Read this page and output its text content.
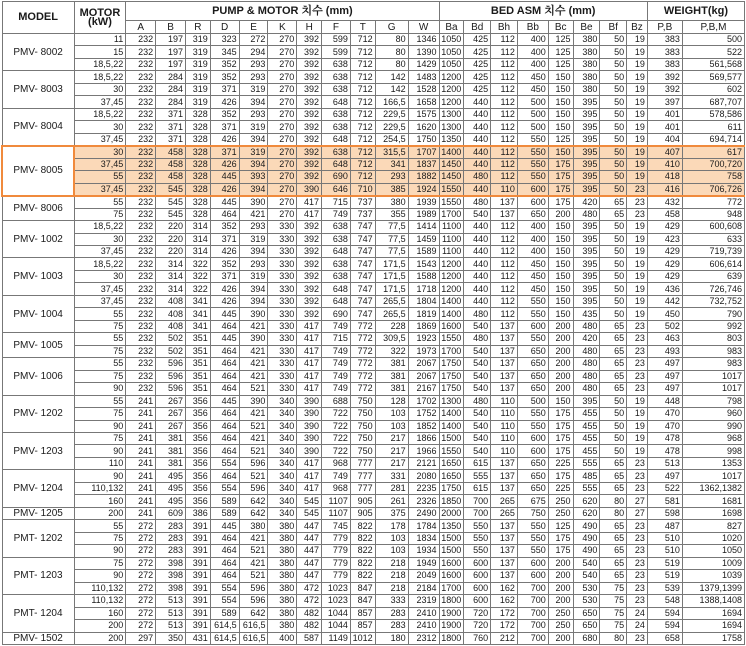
MODEL	MOTOR
(kW)	PUMP & MOTOR 치수 (mm)											BED ASM 치수 (mm)								WEIGHT(kg)	
		A	B	R	D	E	K	H	F	T	G	W	Ba	Bd	Bh	Bb	Bc	Be	Bf	Bz	P,B	P,B,M
PMV- 8002	11	232	197	319	323	272	270	392	599	712	80	1346	1050	425	112	400	125	380	50	19	383	500
	15	232	197	319	345	294	270	392	599	712	80	1390	1050	425	112	400	125	380	50	19	383	522
	18,5,22	232	197	319	352	293	270	392	638	712	80	1429	1050	425	112	400	125	380	50	19	383	561,568
PMV- 8003	18,5,22	232	284	319	352	293	270	392	638	712	142	1483	1200	425	112	450	150	380	50	19	392	569,577
	30	232	284	319	371	319	270	392	638	712	142	1528	1200	425	112	450	150	380	50	19	392	602
	37,45	232	284	319	426	394	270	392	648	712	166,5	1658	1200	440	112	500	150	395	50	19	397	687,707
PMV- 8004	18,5,22	232	371	328	352	293	270	392	638	712	229,5	1575	1300	440	112	500	150	395	50	19	401	578,586
	30	232	371	328	371	319	270	392	638	712	229,5	1620	1300	440	112	500	150	395	50	19	401	611
	37,45	232	371	328	426	394	270	392	648	712	254,5	1750	1350	440	112	550	125	395	50	19	404	694,714
PMV- 8005	30	232	458	328	371	319	270	392	638	712	315,5	1707	1400	440	112	550	150	395	50	19	407	617
	37,45	232	458	328	426	394	270	392	648	712	341	1837	1450	440	112	550	175	395	50	19	410	700,720
	55	232	458	328	445	393	270	392	690	712	293	1882	1450	480	112	550	175	395	50	19	418	758
	37,45	232	545	328	426	394	270	390	646	710	385	1924	1550	440	110	600	175	395	50	23	416	706,726
PMV- 8006	55	232	545	328	445	390	270	417	715	737	380	1939	1550	480	137	600	175	420	65	23	432	772
	75	232	545	328	464	421	270	417	749	737	355	1989	1700	540	137	650	200	480	65	23	458	948
PMV- 1002	18,5,22	232	220	314	352	293	330	392	638	747	77,5	1414	1100	440	112	400	150	395	50	19	429	600,608
	30	232	220	314	371	319	330	392	638	747	77,5	1459	1100	440	112	400	150	395	50	19	423	633
	37,45	232	220	314	426	394	330	392	648	747	77,5	1589	1100	440	112	400	150	395	50	19	429	719,739
PMV- 1003	18,5,22	232	314	322	352	293	330	392	638	747	171,5	1543	1200	440	112	450	150	395	50	19	429	606,614
	30	232	314	322	371	319	330	392	638	747	171,5	1588	1200	440	112	450	150	395	50	19	429	639
	37,45	232	314	322	426	394	330	392	648	747	171,5	1718	1200	440	112	450	150	395	50	19	436	726,746
PMV- 1004	37,45	232	408	341	426	394	330	392	648	747	265,5	1804	1400	440	112	550	150	395	50	19	442	732,752
	55	232	408	341	445	390	330	392	690	747	265,5	1819	1400	480	112	550	150	435	50	19	450	790
	75	232	408	341	464	421	330	417	749	772	228	1869	1600	540	137	600	200	480	65	23	502	992
PMV- 1005	55	232	502	351	445	390	330	417	715	772	309,5	1923	1550	480	137	550	200	420	65	23	463	803
	75	232	502	351	464	421	330	417	749	772	322	1973	1700	540	137	650	200	480	65	23	493	983
PMV- 1006	55	232	596	351	464	421	330	417	749	772	381	2067	1750	540	137	650	200	480	65	23	497	983
	75	232	596	351	464	421	330	417	749	772	381	2067	1750	540	137	650	200	480	65	23	497	1017
	90	232	596	351	464	521	330	417	749	772	381	2167	1750	540	137	650	200	480	65	23	497	1017
PMV- 1202	55	241	267	356	445	390	340	390	688	750	128	1702	1300	480	110	500	150	395	50	19	448	798
	75	241	267	356	464	421	340	390	722	750	103	1752	1400	540	110	550	175	455	50	19	470	960
	90	241	267	356	464	521	340	390	722	750	103	1852	1400	540	110	550	175	455	50	19	470	990
PMV- 1203	75	241	381	356	464	421	340	390	722	750	217	1866	1500	540	110	600	175	455	50	19	478	968
	90	241	381	356	464	521	340	390	722	750	217	1966	1550	540	110	600	175	455	50	19	478	998
	110	241	381	356	554	596	340	417	968	777	217	2121	1650	615	137	650	225	555	65	23	513	1353
PMV- 1204	90	241	495	356	464	521	340	417	749	777	331	2080	1650	555	137	650	175	485	65	23	497	1017
	110,132	241	495	356	554	596	340	417	968	777	281	2235	1750	615	137	650	225	555	65	23	522	1362,1382
	160	241	495	356	589	642	340	545	1107	905	261	2326	1850	700	265	675	250	620	80	27	581	1681
PMV- 1205	200	241	609	386	589	642	340	545	1107	905	375	2490	2000	700	265	750	250	620	80	27	598	1698
PMT- 1202	55	272	283	391	445	380	380	447	745	822	178	1784	1350	550	137	550	125	490	65	23	487	827
	75	272	283	391	464	421	380	447	779	822	103	1834	1500	550	137	550	175	490	65	23	510	1020
	90	272	283	391	464	521	380	447	779	822	103	1934	1500	550	137	550	175	490	65	23	510	1050
PMT- 1203	75	272	398	391	464	421	380	447	779	822	218	1949	1600	600	137	600	200	540	65	23	519	1009
	90	272	398	391	464	521	380	447	779	822	218	2049	1600	600	137	600	200	540	65	23	519	1039
	110,132	272	398	391	554	596	380	472	1023	847	218	2184	1700	600	162	700	200	530	75	23	539	1379,1399
PMT- 1204	110,132	272	513	391	554	596	380	472	1023	847	333	2319	1800	600	162	700	200	530	75	23	548	1388,1408
	160	272	513	391	589	642	380	482	1044	857	283	2410	1900	720	172	700	250	650	75	24	594	1694
	200	272	513	391	614,5	616,5	380	482	1044	857	283	2410	1900	720	172	700	250	650	75	24	594	1694
PMV- 1502	200	297	350	431	614,5	616,5	400	587	1149	1012	180	2312	1800	760	212	700	200	680	80	23	658	1758
